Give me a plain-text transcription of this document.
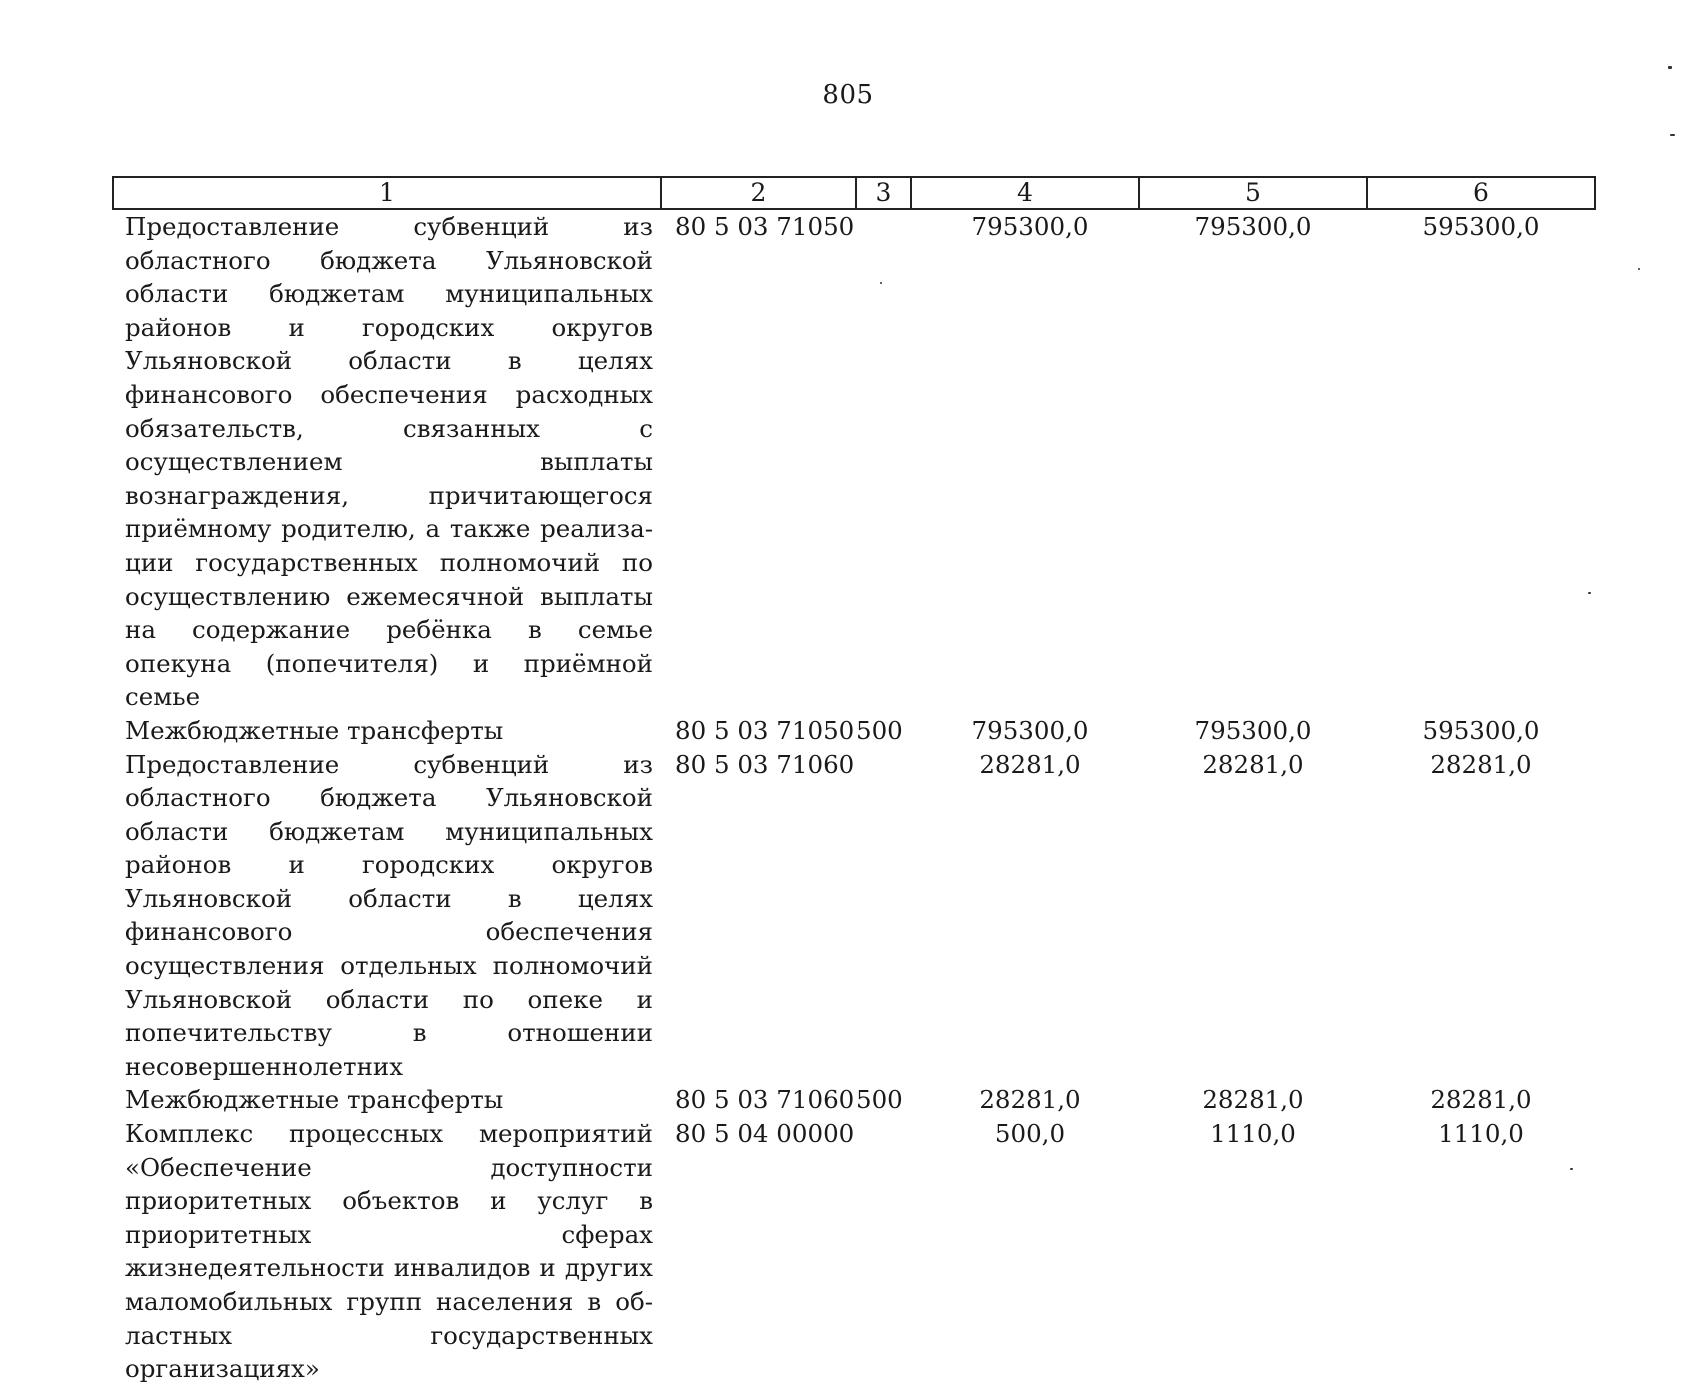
805
1	2	3	4	5	6
Предоставление субвенций из областного бюджета Ульяновской области бюджетам муниципальных районов и городских округов Ульяновской области в целях финансового обеспечения расходных обязательств, связанных с осуществлением выплаты вознаграждения, причитающегося приёмному родителю, а также реализации государственных полномочий по осуществлению ежемесячной выплаты на содержание ребёнка в семье опекуна (попечителя) и приёмной семье	80 5 03 71050		795300,0	795300,0	595300,0
Межбюджетные трансферты	80 5 03 71050	500	795300,0	795300,0	595300,0
Предоставление субвенций из областного бюджета Ульяновской области бюджетам муниципальных районов и городских округов Ульяновской области в целях финансового обеспечения осуществления отдельных полномочий Ульяновской области по опеке и попечительству в отношении несовершеннолетних	80 5 03 71060		28281,0	28281,0	28281,0
Межбюджетные трансферты	80 5 03 71060	500	28281,0	28281,0	28281,0
Комплекс процессных мероприятий «Обеспечение доступности приоритетных объектов и услуг в приоритетных сферах жизнедеятельности инвалидов и других маломобильных групп населения в областных государственных организациях»	80 5 04 00000		500,0	1110,0	1110,0
